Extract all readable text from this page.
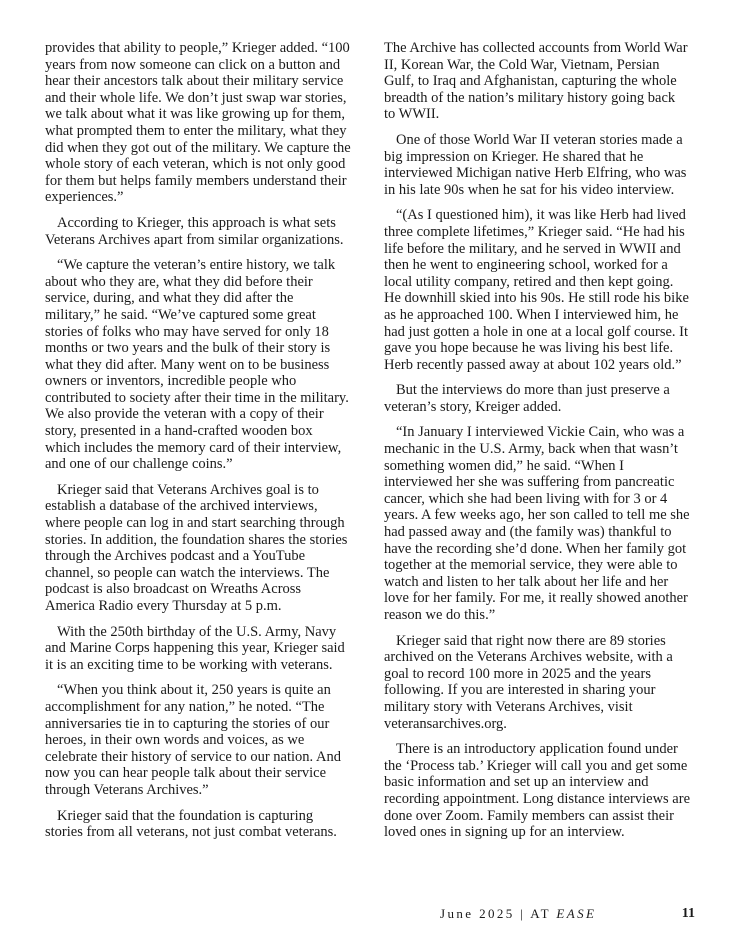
provides that ability to people,” Krieger added. “100 years from now someone can click on a button and hear their ancestors talk about their military service and their whole life. We don’t just swap war stories, we talk about what it was like growing up for them, what prompted them to enter the military, what they did when they got out of the military. We capture the whole story of each veteran, which is not only good for them but helps family members understand their experiences.”

According to Krieger, this approach is what sets Veterans Archives apart from similar organizations.

“We capture the veteran’s entire history, we talk about who they are, what they did before their service, during, and what they did after the military,” he said. “We’ve captured some great stories of folks who may have served for only 18 months or two years and the bulk of their story is what they did after. Many went on to be business owners or inventors, incredible people who contributed to society after their time in the military. We also provide the veteran with a copy of their story, presented in a hand-crafted wooden box which includes the memory card of their interview, and one of our challenge coins.”

Krieger said that Veterans Archives goal is to establish a database of the archived interviews, where people can log in and start searching through stories. In addition, the foundation shares the stories through the Archives podcast and a YouTube channel, so people can watch the interviews. The podcast is also broadcast on Wreaths Across America Radio every Thursday at 5 p.m.

With the 250th birthday of the U.S. Army, Navy and Marine Corps happening this year, Krieger said it is an exciting time to be working with veterans.

“When you think about it, 250 years is quite an accomplishment for any nation,” he noted. “The anniversaries tie in to capturing the stories of our heroes, in their own words and voices, as we celebrate their history of service to our nation. And now you can hear people talk about their service through Veterans Archives.”

Krieger said that the foundation is capturing stories from all veterans, not just combat veterans.

The Archive has collected accounts from World War II, Korean War, the Cold War, Vietnam, Persian Gulf, to Iraq and Afghanistan, capturing the whole breadth of the nation’s military history going back to WWII.

One of those World War II veteran stories made a big impression on Krieger. He shared that he interviewed Michigan native Herb Elfring, who was in his late 90s when he sat for his video interview.

“(As I questioned him), it was like Herb had lived three complete lifetimes,” Krieger said. “He had his life before the military, and he served in WWII and then he went to engineering school, worked for a local utility company, retired and then kept going. He downhill skied into his 90s. He still rode his bike as he approached 100. When I interviewed him, he had just gotten a hole in one at a local golf course. It gave you hope because he was living his best life. Herb recently passed away at about 102 years old.”

But the interviews do more than just preserve a veteran’s story, Kreiger added.

“In January I interviewed Vickie Cain, who was a mechanic in the U.S. Army, back when that wasn’t something women did,” he said. “When I interviewed her she was suffering from pancreatic cancer, which she had been living with for 3 or 4 years. A few weeks ago, her son called to tell me she had passed away and (the family was) thankful to have the recording she’d done. When her family got together at the memorial service, they were able to watch and listen to her talk about her life and her love for her family. For me, it really showed another reason we do this.”

Krieger said that right now there are 89 stories archived on the Veterans Archives website, with a goal to record 100 more in 2025 and the years following. If you are interested in sharing your military story with Veterans Archives, visit veteransarchives.org.

There is an introductory application found under the ‘Process tab.’ Krieger will call you and get some basic information and set up an interview and recording appointment. Long distance interviews are done over Zoom. Family members can assist their loved ones in signing up for an interview.

June 2025 | AT EASE	11
